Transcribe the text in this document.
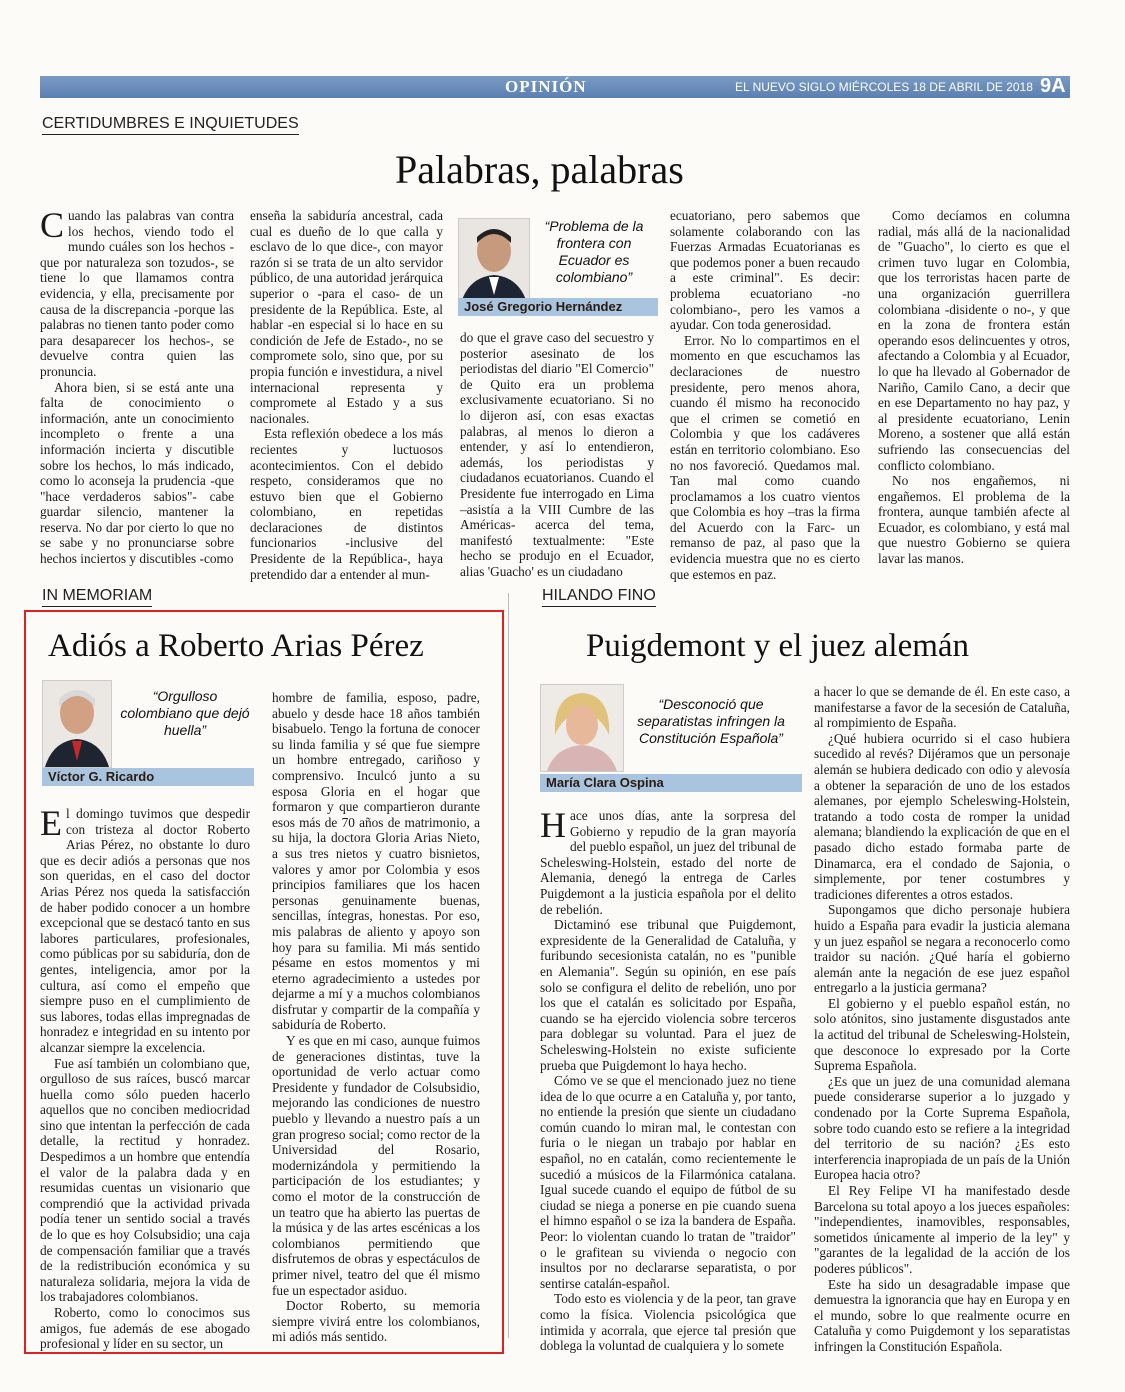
OPINIÓN	EL NUEVO SIGLO MIÉRCOLES 18 DE ABRIL DE 2018 9A
CERTIDUMBRES E INQUIETUDES
Palabras, palabras

Cuando las palabras van contra los hechos, viendo todo el mundo cuáles son los hechos -que por naturaleza son tozudos-, se tiene lo que llamamos contra evidencia, y ella, precisamente por causa de la discrepancia -porque las palabras no tienen tanto poder como para desaparecer los hechos-, se devuelve contra quien las pronuncia.

Ahora bien, si se está ante una falta de conocimiento o información, ante un conocimiento incompleto o frente a una información incierta y discutible sobre los hechos, lo más indicado, como lo aconseja la prudencia -que "hace verdaderos sabios"- cabe guardar silencio, mantener la reserva. No dar por cierto lo que no se sabe y no pronunciarse sobre hechos inciertos y discutibles -como

enseña la sabiduría ancestral, cada cual es dueño de lo que calla y esclavo de lo que dice-, con mayor razón si se trata de un alto servidor público, de una autoridad jerárquica superior o -para el caso- de un presidente de la República. Este, al hablar -en especial si lo hace en su condición de Jefe de Estado-, no se compromete solo, sino que, por su propia función e investidura, a nivel internacional representa y compromete al Estado y a sus nacionales.

Esta reflexión obedece a los más recientes y luctuosos acontecimientos. Con el debido respeto, consideramos que no estuvo bien que el Gobierno colombiano, en repetidas declaraciones de distintos funcionarios -inclusive del Presidente de la República-, haya pretendido dar a entender al mun-

“Problema de la frontera con Ecuador es colombiano”
José Gregorio Hernández

do que el grave caso del secuestro y posterior asesinato de los periodistas del diario "El Comercio" de Quito era un problema exclusivamente ecuatoriano. Si no lo dijeron así, con esas exactas palabras, al menos lo dieron a entender, y así lo entendieron, además, los periodistas y ciudadanos ecuatorianos. Cuando el Presidente fue interrogado en Lima –asistía a la VIII Cumbre de las Américas- acerca del tema, manifestó textualmente: "Este hecho se produjo en el Ecuador, alias 'Guacho' es un ciudadano

ecuatoriano, pero sabemos que solamente colaborando con las Fuerzas Armadas Ecuatorianas es que podemos poner a buen recaudo a este criminal". Es decir: problema ecuatoriano -no colombiano-, pero les vamos a ayudar. Con toda generosidad.

Error. No lo compartimos en el momento en que escuchamos las declaraciones de nuestro presidente, pero menos ahora, cuando él mismo ha reconocido que el crimen se cometió en Colombia y que los cadáveres están en territorio colombiano. Eso no nos favoreció. Quedamos mal. Tan mal como cuando proclamamos a los cuatro vientos que Colombia es hoy –tras la firma del Acuerdo con la Farc- un remanso de paz, al paso que la evidencia muestra que no es cierto que estemos en paz.

Como decíamos en columna radial, más allá de la nacionalidad de "Guacho", lo cierto es que el crimen tuvo lugar en Colombia, que los terroristas hacen parte de una organización guerrillera colombiana -disidente o no-, y que en la zona de frontera están operando esos delincuentes y otros, afectando a Colombia y al Ecuador, lo que ha llevado al Gobernador de Nariño, Camilo Cano, a decir que en ese Departamento no hay paz, y al presidente ecuatoriano, Lenin Moreno, a sostener que allá están sufriendo las consecuencias del conflicto colombiano.

No nos engañemos, ni engañemos. El problema de la frontera, aunque también afecte al Ecuador, es colombiano, y está mal que nuestro Gobierno se quiera lavar las manos.

IN MEMORIAM
Adiós a Roberto Arias Pérez
“Orgulloso colombiano que dejó huella”
Víctor G. Ricardo

El domingo tuvimos que despedir con tristeza al doctor Roberto Arias Pérez, no obstante lo duro que es decir adiós a personas que nos son queridas, en el caso del doctor Arias Pérez nos queda la satisfacción de haber podido conocer a un hombre excepcional que se destacó tanto en sus labores particulares, profesionales, como públicas por su sabiduría, don de gentes, inteligencia, amor por la cultura, así como el empeño que siempre puso en el cumplimiento de sus labores, todas ellas impregnadas de honradez e integridad en su intento por alcanzar siempre la excelencia.

Fue así también un colombiano que, orgulloso de sus raíces, buscó marcar huella como sólo pueden hacerlo aquellos que no conciben mediocridad sino que intentan la perfección de cada detalle, la rectitud y honradez. Despedimos a un hombre que entendía el valor de la palabra dada y en resumidas cuentas un visionario que comprendió que la actividad privada podía tener un sentido social a través de lo que es hoy Colsubsidio; una caja de compensación familiar que a través de la redistribución económica y su naturaleza solidaria, mejora la vida de los trabajadores colombianos.

Roberto, como lo conocimos sus amigos, fue además de ese abogado profesional y líder en su sector, un

hombre de familia, esposo, padre, abuelo y desde hace 18 años también bisabuelo. Tengo la fortuna de conocer su linda familia y sé que fue siempre un hombre entregado, cariñoso y comprensivo. Inculcó junto a su esposa Gloria en el hogar que formaron y que compartieron durante esos más de 70 años de matrimonio, a su hija, la doctora Gloria Arias Nieto, a sus tres nietos y cuatro bisnietos, valores y amor por Colombia y esos principios familiares que los hacen personas genuinamente buenas, sencillas, íntegras, honestas. Por eso, mis palabras de aliento y apoyo son hoy para su familia. Mi más sentido pésame en estos momentos y mi eterno agradecimiento a ustedes por dejarme a mí y a muchos colombianos disfrutar y compartir de la compañía y sabiduría de Roberto.

Y es que en mi caso, aunque fuimos de generaciones distintas, tuve la oportunidad de verlo actuar como Presidente y fundador de Colsubsidio, mejorando las condiciones de nuestro pueblo y llevando a nuestro país a un gran progreso social; como rector de la Universidad del Rosario, modernizándola y permitiendo la participación de los estudiantes; y como el motor de la construcción de un teatro que ha abierto las puertas de la música y de las artes escénicas a los colombianos permitiendo que disfrutemos de obras y espectáculos de primer nivel, teatro del que él mismo fue un espectador asiduo.

Doctor Roberto, su memoria siempre vivirá entre los colombianos, mi adiós más sentido.

HILANDO FINO
Puigdemont y el juez alemán
“Desconoció que separatistas infringen la Constitución Española”
María Clara Ospina

Hace unos días, ante la sorpresa del Gobierno y repudio de la gran mayoría del pueblo español, un juez del tribunal de Scheleswing-Holstein, estado del norte de Alemania, denegó la entrega de Carles Puigdemont a la justicia española por el delito de rebelión.

Dictaminó ese tribunal que Puigdemont, expresidente de la Generalidad de Cataluña, y furibundo secesionista catalán, no es "punible en Alemania". Según su opinión, en ese país solo se configura el delito de rebelión, uno por los que el catalán es solicitado por España, cuando se ha ejercido violencia sobre terceros para doblegar su voluntad. Para el juez de Scheleswing-Holstein no existe suficiente prueba que Puigdemont lo haya hecho.

Cómo ve se que el mencionado juez no tiene idea de lo que ocurre a en Cataluña y, por tanto, no entiende la presión que siente un ciudadano común cuando lo miran mal, le contestan con furia o le niegan un trabajo por hablar en español, no en catalán, como recientemente le sucedió a músicos de la Filarmónica catalana. Igual sucede cuando el equipo de fútbol de su ciudad se niega a ponerse en pie cuando suena el himno español o se iza la bandera de España. Peor: lo violentan cuando lo tratan de "traidor" o le grafitean su vivienda o negocio con insultos por no declararse separatista, o por sentirse catalán-español.

Todo esto es violencia y de la peor, tan grave como la física. Violencia psicológica que intimida y acorrala, que ejerce tal presión que doblega la voluntad de cualquiera y lo somete

a hacer lo que se demande de él. En este caso, a manifestarse a favor de la secesión de Cataluña, al rompimiento de España.

¿Qué hubiera ocurrido si el caso hubiera sucedido al revés? Dijéramos que un personaje alemán se hubiera dedicado con odio y alevosía a obtener la separación de uno de los estados alemanes, por ejemplo Scheleswing-Holstein, tratando a todo costa de romper la unidad alemana; blandiendo la explicación de que en el pasado dicho estado formaba parte de Dinamarca, era el condado de Sajonia, o simplemente, por tener costumbres y tradiciones diferentes a otros estados.

Supongamos que dicho personaje hubiera huido a España para evadir la justicia alemana y un juez español se negara a reconocerlo como traidor su nación. ¿Qué haría el gobierno alemán ante la negación de ese juez español entregarlo a la justicia germana?

El gobierno y el pueblo español están, no solo atónitos, sino justamente disgustados ante la actitud del tribunal de Scheleswing-Holstein, que desconoce lo expresado por la Corte Suprema Española.

¿Es que un juez de una comunidad alemana puede considerarse superior a lo juzgado y condenado por la Corte Suprema Española, sobre todo cuando esto se refiere a la integridad del territorio de su nación? ¿Es esto interferencia inapropiada de un país de la Unión Europea hacia otro?

El Rey Felipe VI ha manifestado desde Barcelona su total apoyo a los jueces españoles: "independientes, inamovibles, responsables, sometidos únicamente al imperio de la ley" y "garantes de la legalidad de la acción de los poderes públicos".

Este ha sido un desagradable impase que demuestra la ignorancia que hay en Europa y en el mundo, sobre lo que realmente ocurre en Cataluña y como Puigdemont y los separatistas infringen la Constitución Española.
